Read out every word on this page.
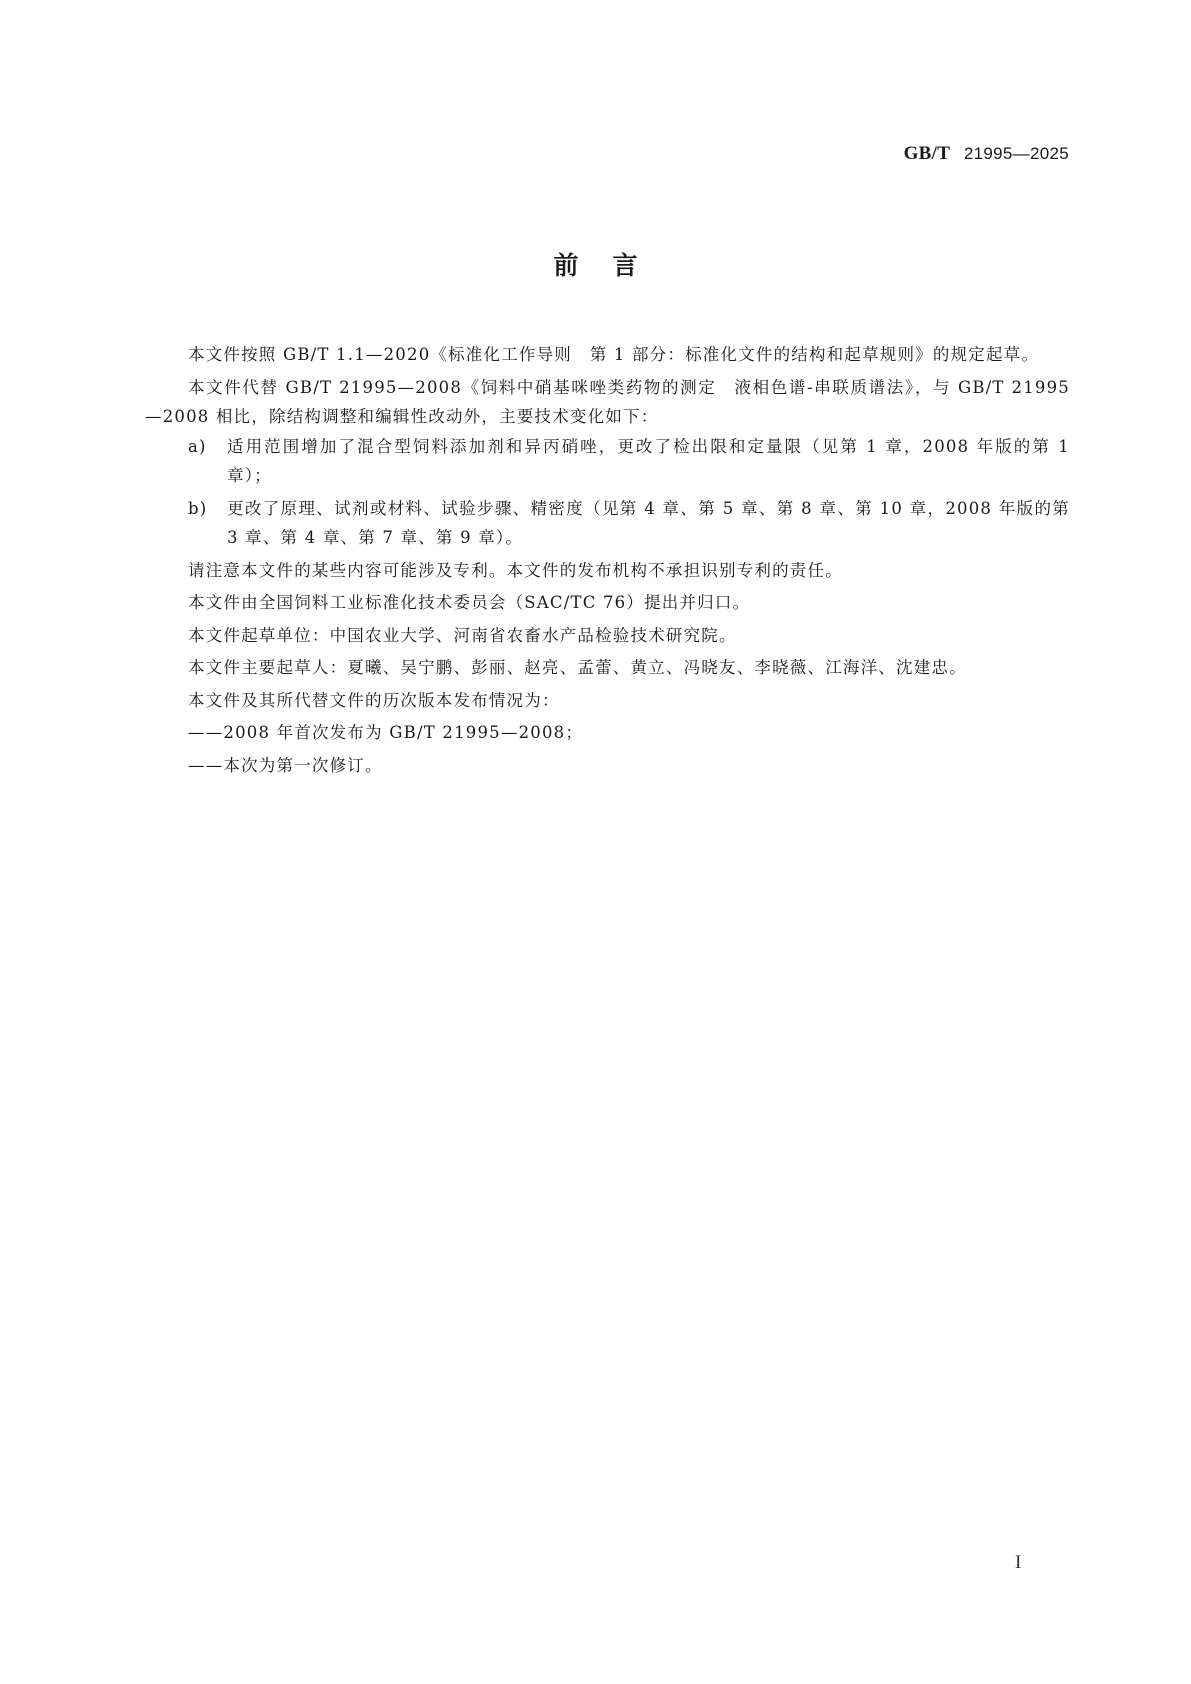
GB/T 21995—2025
前言

本文件按照 GB/T 1.1—2020《标准化工作导则　第 1 部分：标准化文件的结构和起草规则》的规定起草。

本文件代替 GB/T 21995—2008《饲料中硝基咪唑类药物的测定　液相色谱-串联质谱法》，与 GB/T 21995—2008 相比，除结构调整和编辑性改动外，主要技术变化如下：

a) 适用范围增加了混合型饲料添加剂和异丙硝唑，更改了检出限和定量限（见第 1 章，2008 年版的第 1 章）；
b) 更改了原理、试剂或材料、试验步骤、精密度（见第 4 章、第 5 章、第 8 章、第 10 章，2008 年版的第 3 章、第 4 章、第 7 章、第 9 章）。

请注意本文件的某些内容可能涉及专利。本文件的发布机构不承担识别专利的责任。

本文件由全国饲料工业标准化技术委员会（SAC/TC 76）提出并归口。

本文件起草单位：中国农业大学、河南省农畜水产品检验技术研究院。

本文件主要起草人：夏曦、吴宁鹏、彭丽、赵亮、孟蕾、黄立、冯晓友、李晓薇、江海洋、沈建忠。

本文件及其所代替文件的历次版本发布情况为：

——2008 年首次发布为 GB/T 21995—2008；

——本次为第一次修订。

I
